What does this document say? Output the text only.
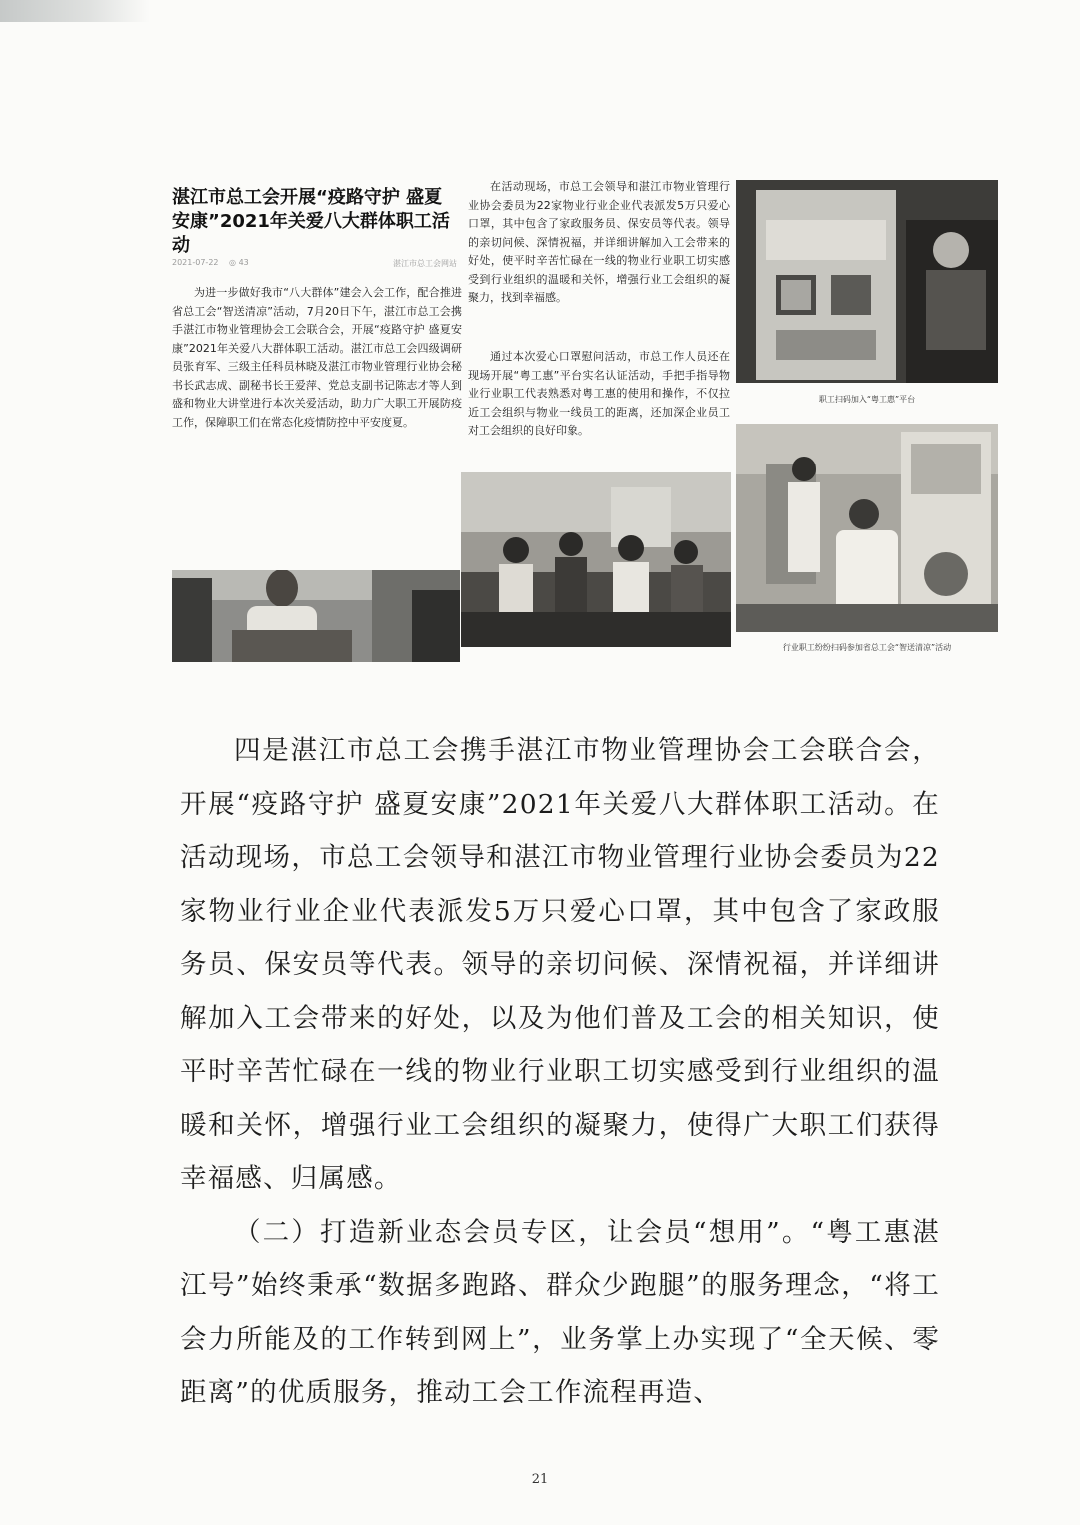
湛江市总工会开展“疫路守护 盛夏安康”2021年关爱八大群体职工活动
2021-07-22 ◎ 43	湛江市总工会网站

为进一步做好我市“八大群体”建会入会工作，配合推进省总工会“智送清凉”活动，7月20日下午，湛江市总工会携手湛江市物业管理协会工会联合会，开展“疫路守护 盛夏安康”2021年关爱八大群体职工活动。湛江市总工会四级调研员张育军、三级主任科员林晓及湛江市物业管理行业协会秘书长武志成、副秘书长王爱萍、党总支副书记陈志才等人到盛和物业大讲堂进行本次关爱活动，助力广大职工开展防疫工作，保障职工们在常态化疫情防控中平安度夏。

在活动现场，市总工会领导和湛江市物业管理行业协会委员为22家物业行业企业代表派发5万只爱心口罩，其中包含了家政服务员、保安员等代表。领导的亲切问候、深情祝福，并详细讲解加入工会带来的好处，使平时辛苦忙碌在一线的物业行业职工切实感受到行业组织的温暖和关怀，增强行业工会组织的凝聚力，找到幸福感。

通过本次爱心口罩慰问活动，市总工作人员还在现场开展“粤工惠”平台实名认证活动，手把手指导物业行业职工代表熟悉对粤工惠的使用和操作，不仅拉近工会组织与物业一线员工的距离，还加深企业员工对工会组织的良好印象。

职工扫码加入“粤工惠”平台
行业职工纷纷扫码参加省总工会“智送清凉”活动

四是湛江市总工会携手湛江市物业管理协会工会联合会，开展“疫路守护 盛夏安康”2021年关爱八大群体职工活动。在活动现场，市总工会领导和湛江市物业管理行业协会委员为22家物业行业企业代表派发5万只爱心口罩，其中包含了家政服务员、保安员等代表。领导的亲切问候、深情祝福，并详细讲解加入工会带来的好处，以及为他们普及工会的相关知识，使平时辛苦忙碌在一线的物业行业职工切实感受到行业组织的温暖和关怀，增强行业工会组织的凝聚力，使得广大职工们获得幸福感、归属感。

（二）打造新业态会员专区，让会员“想用”。“粤工惠湛江号”始终秉承“数据多跑路、群众少跑腿”的服务理念，“将工会力所能及的工作转到网上”，业务掌上办实现了“全天候、零距离”的优质服务，推动工会工作流程再造、

21
